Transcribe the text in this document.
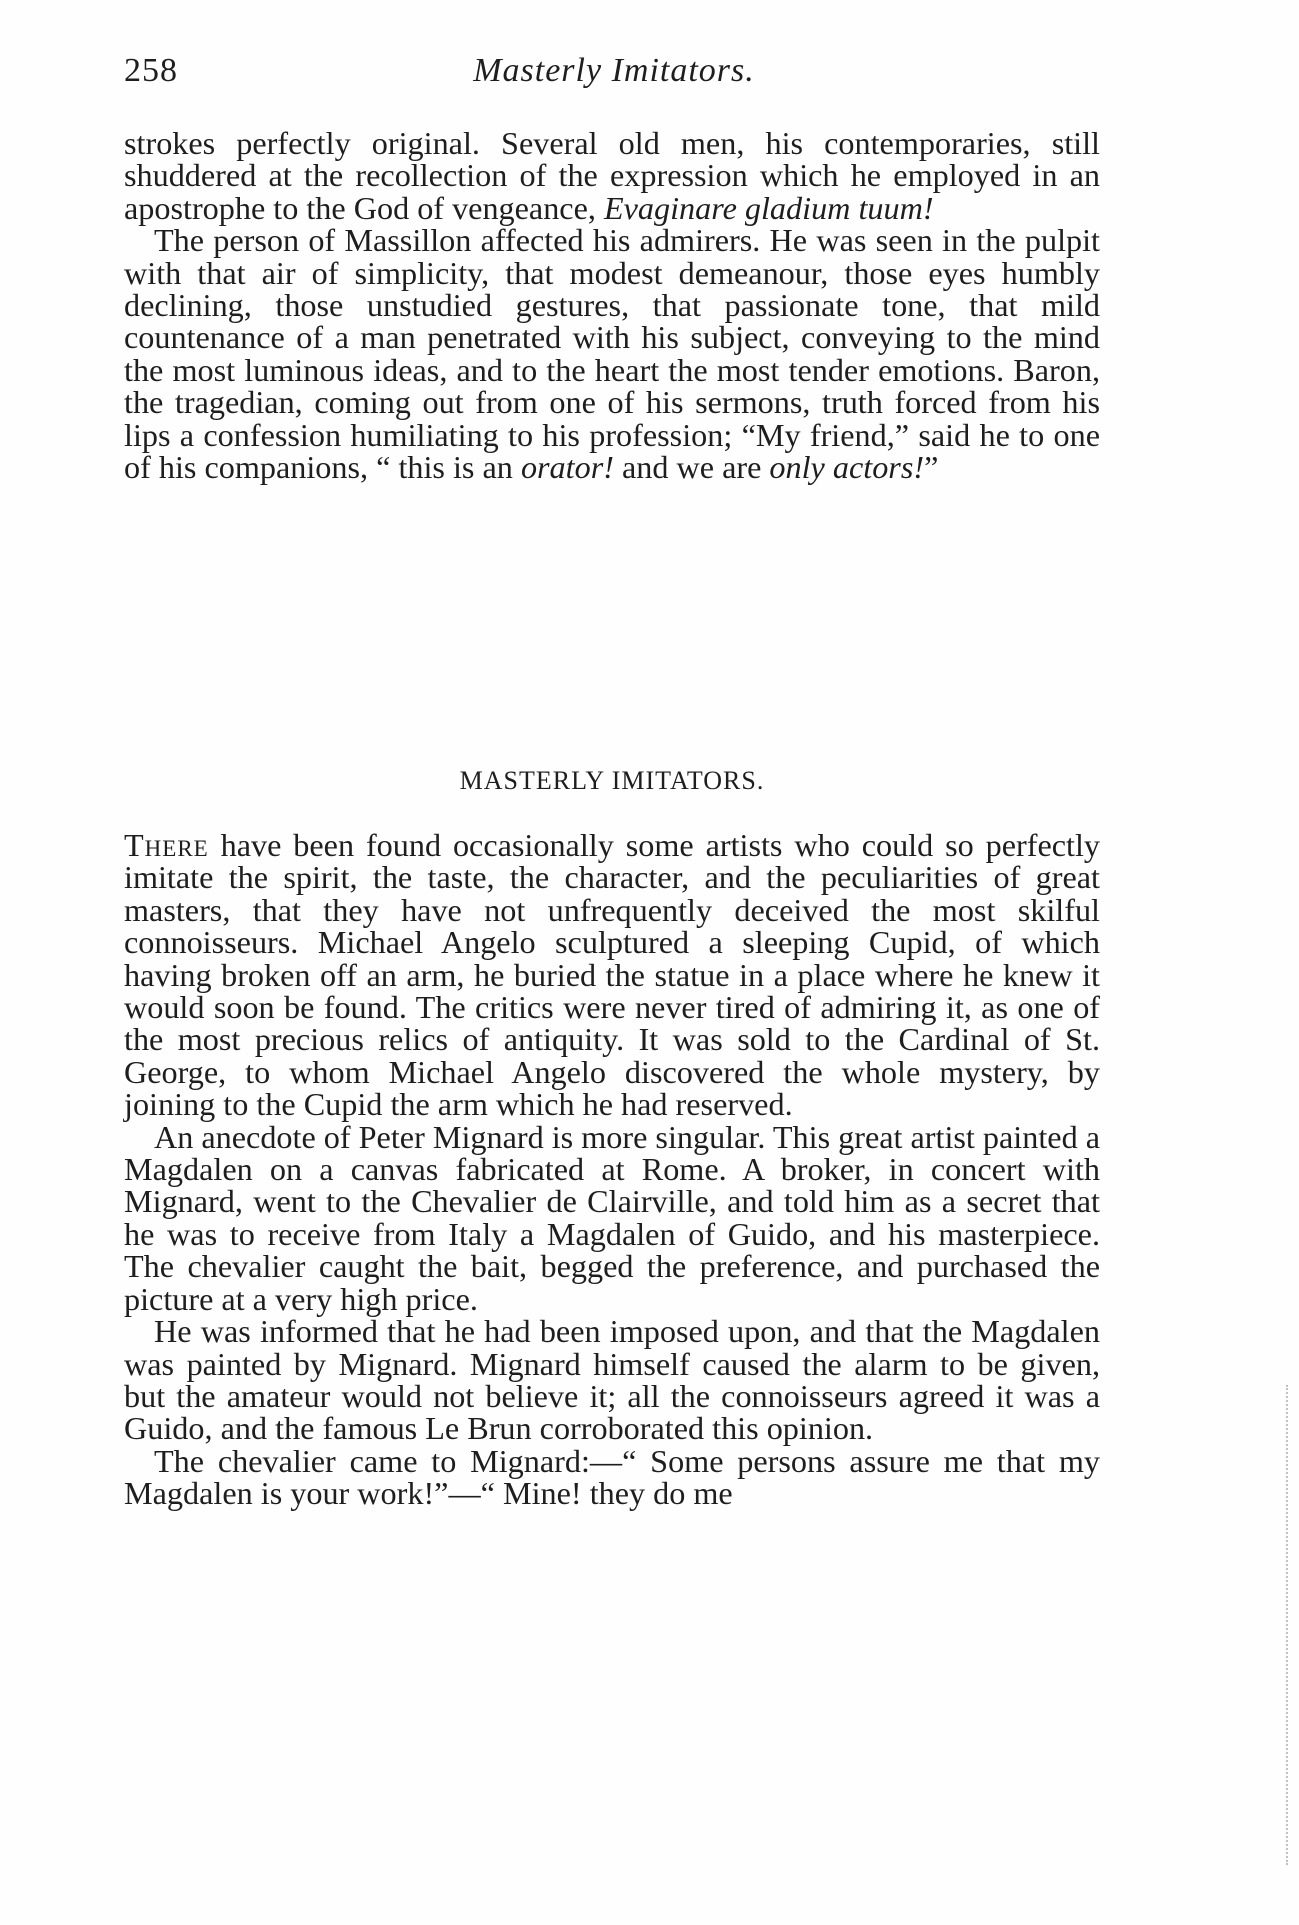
258	Masterly Imitators.

strokes perfectly original. Several old men, his contemporaries, still shuddered at the recollection of the expression which he employed in an apostrophe to the God of vengeance, Evaginare gladium tuum!

The person of Massillon affected his admirers. He was seen in the pulpit with that air of simplicity, that modest demeanour, those eyes humbly declining, those unstudied gestures, that passionate tone, that mild countenance of a man penetrated with his subject, conveying to the mind the most luminous ideas, and to the heart the most tender emotions. Baron, the tragedian, coming out from one of his sermons, truth forced from his lips a confession humiliating to his profession; “My friend,” said he to one of his companions, “ this is an orator! and we are only actors!”

MASTERLY IMITATORS.

There have been found occasionally some artists who could so perfectly imitate the spirit, the taste, the character, and the peculiarities of great masters, that they have not unfrequently deceived the most skilful connoisseurs. Michael Angelo sculptured a sleeping Cupid, of which having broken off an arm, he buried the statue in a place where he knew it would soon be found. The critics were never tired of admiring it, as one of the most precious relics of antiquity. It was sold to the Cardinal of St. George, to whom Michael Angelo discovered the whole mystery, by joining to the Cupid the arm which he had reserved.

An anecdote of Peter Mignard is more singular. This great artist painted a Magdalen on a canvas fabricated at Rome. A broker, in concert with Mignard, went to the Chevalier de Clairville, and told him as a secret that he was to receive from Italy a Magdalen of Guido, and his masterpiece. The chevalier caught the bait, begged the preference, and purchased the picture at a very high price.

He was informed that he had been imposed upon, and that the Magdalen was painted by Mignard. Mignard himself caused the alarm to be given, but the amateur would not believe it; all the connoisseurs agreed it was a Guido, and the famous Le Brun corroborated this opinion.

The chevalier came to Mignard:—“ Some persons assure me that my Magdalen is your work!”—“ Mine! they do me
